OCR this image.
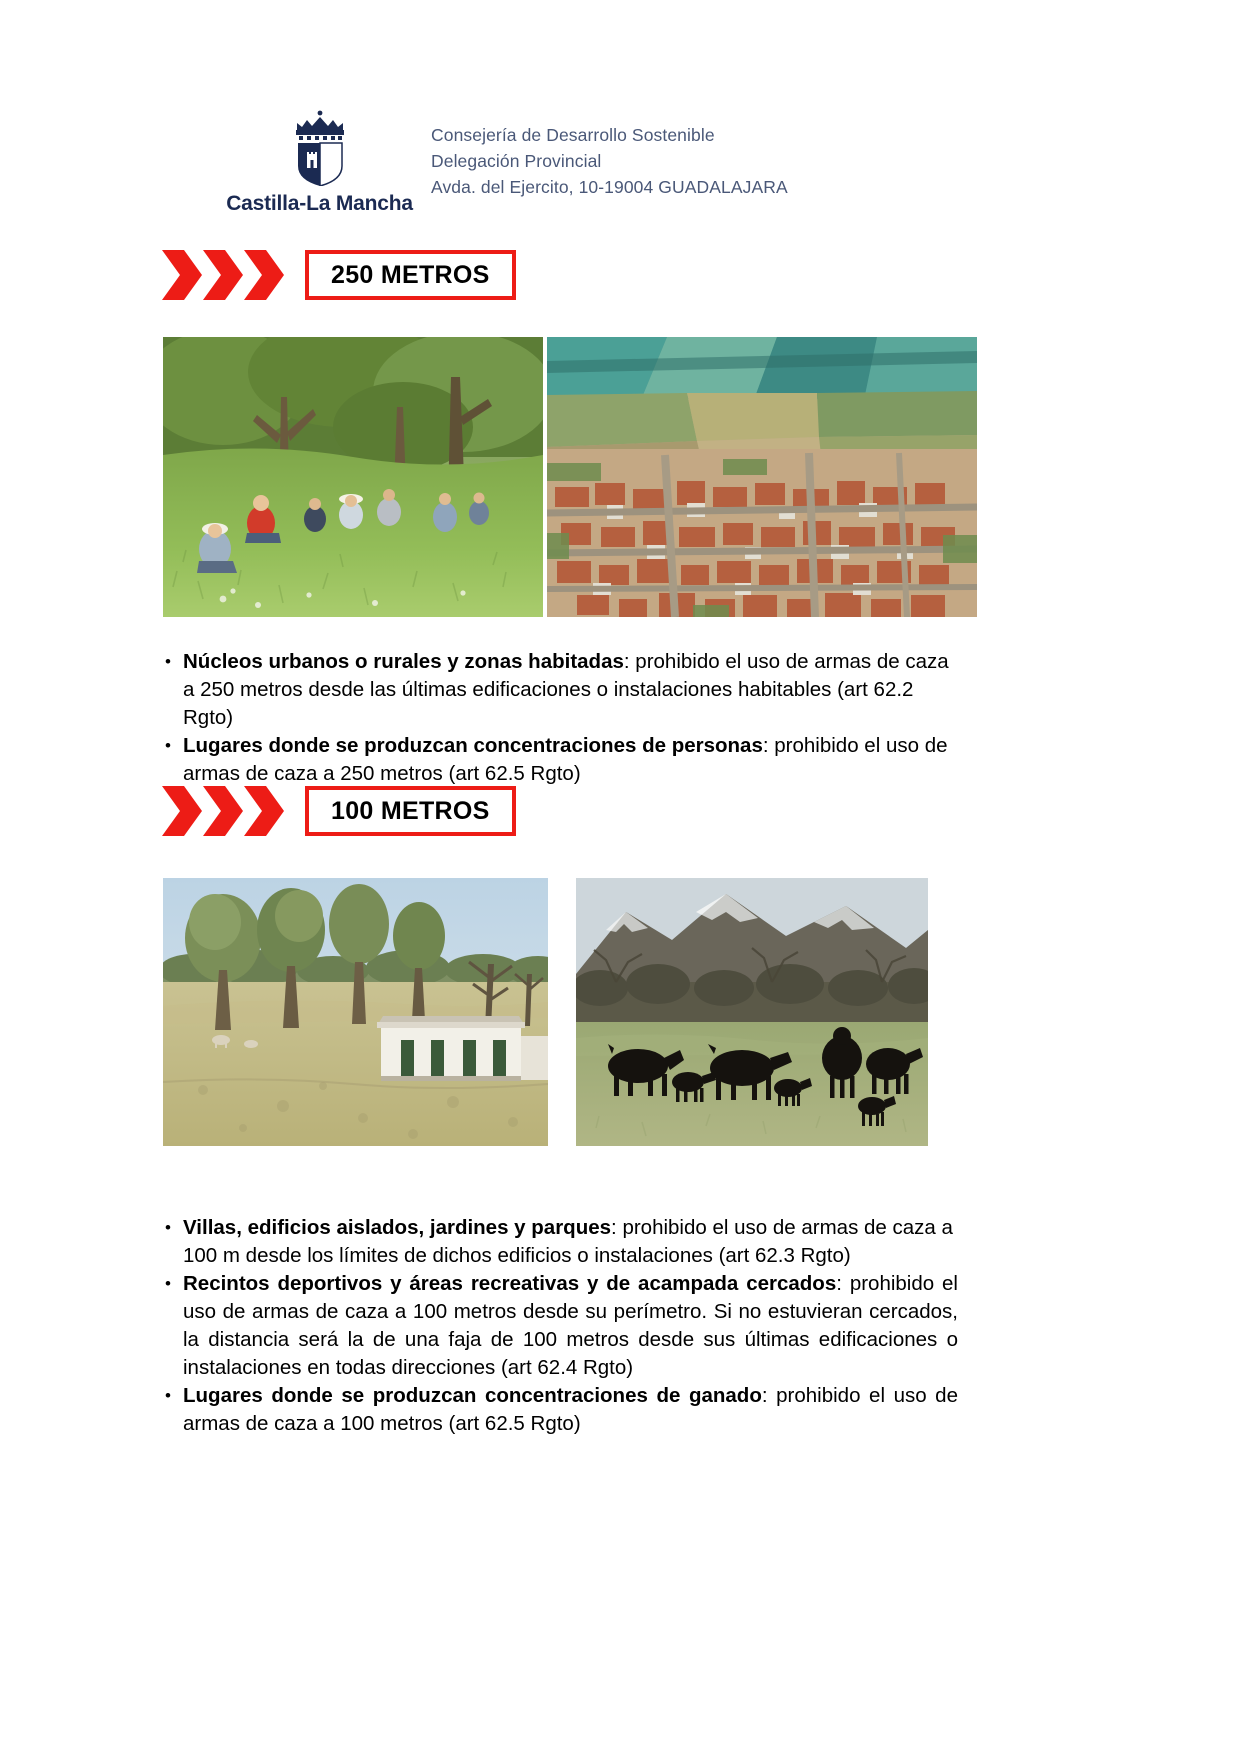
Castilla-La Mancha
Consejería de Desarrollo Sostenible
Delegación Provincial
Avda. del Ejercito, 10-19004 GUADALAJARA
250 METROS
• Núcleos urbanos o rurales y zonas habitadas: prohibido el uso de armas de caza a 250 metros desde las últimas edificaciones o instalaciones habitables (art 62.2 Rgto)
• Lugares donde se produzcan concentraciones de personas: prohibido el uso de armas de caza a 250 metros (art 62.5 Rgto)
100 METROS
• Villas, edificios aislados, jardines y parques: prohibido el uso de armas de caza a 100 m desde los límites de dichos edificios o instalaciones (art 62.3 Rgto)
• Recintos deportivos y áreas recreativas y de acampada cercados: prohibido el uso de armas de caza a 100 metros desde su perímetro. Si no estuvieran cercados, la distancia será la de una faja de 100 metros desde sus últimas edificaciones o instalaciones en todas direcciones (art 62.4 Rgto)
• Lugares donde se produzcan concentraciones de ganado: prohibido el uso de armas de caza a 100 metros (art 62.5 Rgto)
